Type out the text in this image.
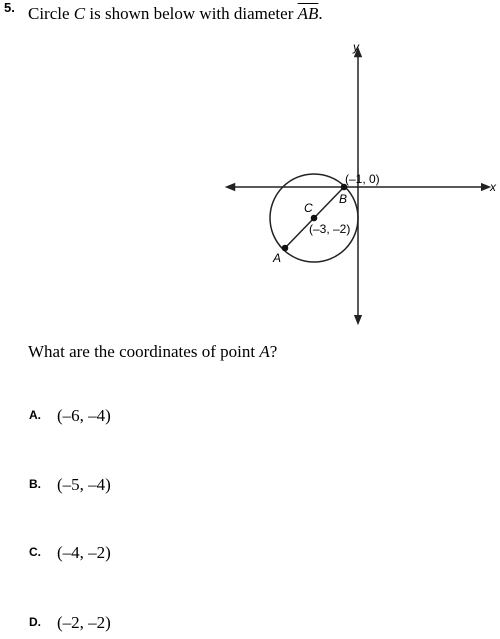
5. Circle C is shown below with diameter $\overline{AB}$.
x
y
(–1, 0)
B
C
(–3, –2)
A
What are the coordinates of point A?
A. (–6, –4)
B. (–5, –4)
C. (–4, –2)
D. (–2, –2)
